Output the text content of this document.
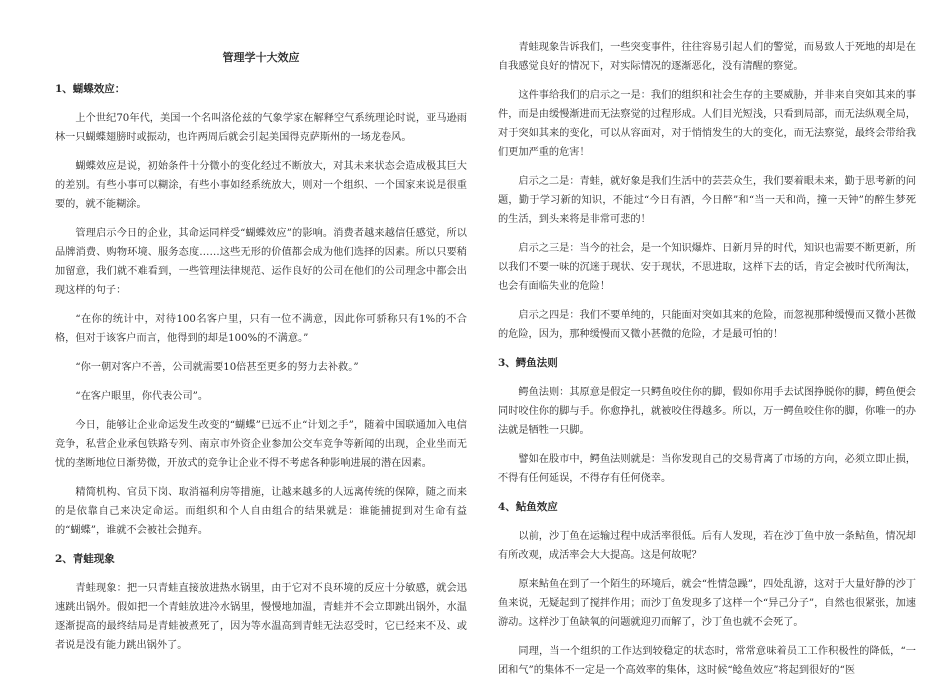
管理学十大效应
1、蝴蝶效应：

上个世纪70年代，美国一个名叫洛伦兹的气象学家在解释空气系统理论时说，亚马逊雨林一只蝴蝶翅膀时或振动，也许两周后就会引起美国得克萨斯州的一场龙卷风。

蝴蝶效应是说，初始条件十分微小的变化经过不断放大，对其未来状态会造成极其巨大的差别。有些小事可以糊涂，有些小事如经系统放大，则对一个组织、一个国家来说是很重要的，就不能糊涂。

管理启示今日的企业，其命运同样受“蝴蝶效应”的影响。消费者越来越信任感觉，所以品牌消费、购物环境、服务态度……这些无形的价值都会成为他们选择的因素。所以只要稍加留意，我们就不难看到，一些管理法律规范、运作良好的公司在他们的公司理念中都会出现这样的句子：

“在你的统计中，对待100名客户里，只有一位不满意，因此你可骄称只有1%的不合格，但对于该客户而言，他得到的却是100%的不满意。”

“你一朝对客户不善，公司就需要10倍甚至更多的努力去补救。”

“在客户眼里，你代表公司”。

今日，能够让企业命运发生改变的“蝴蝶”已远不止“计划之手”，随着中国联通加入电信竞争，私营企业承包铁路专列、南京市外资企业参加公交车竞争等新闻的出现，企业坐而无忧的垄断地位日渐势微，开放式的竞争让企业不得不考虑各种影响进展的潜在因素。

精简机构、官员下岗、取消福利房等措施，让越来越多的人远离传统的保障，随之而来的是依靠自己来决定命运。而组织和个人自由组合的结果就是：谁能捕捉到对生命有益的“蝴蝶”，谁就不会被社会抛弃。

2、青蛙现象

青蛙现象：把一只青蛙直接放进热水锅里，由于它对不良环境的反应十分敏感，就会迅速跳出锅外。假如把一个青蛙放进冷水锅里，慢慢地加温，青蛙并不会立即跳出锅外，水温逐渐提高的最终结局是青蛙被煮死了，因为等水温高到青蛙无法忍受时，它已经来不及、或者说是没有能力跳出锅外了。

青蛙现象告诉我们，一些突变事件，往往容易引起人们的警觉，而易致人于死地的却是在自我感觉良好的情况下，对实际情况的逐渐恶化，没有清醒的察觉。

这件事给我们的启示之一是：我们的组织和社会生存的主要威胁，并非来自突如其来的事件，而是由缓慢渐进而无法察觉的过程形成。人们目光短浅，只看到局部，而无法纵观全局，对于突如其来的变化，可以从容面对，对于悄悄发生的大的变化，而无法察觉，最终会带给我们更加严重的危害！

启示之二是：青蛙，就好象是我们生活中的芸芸众生，我们要着眼未来，勤于思考新的问题，勤于学习新的知识，不能过“今日有酒，今日醉”和“当一天和尚，撞一天钟”的醉生梦死的生活，到头来将是非常可悲的！

启示之三是：当今的社会，是一个知识爆炸、日新月异的时代，知识也需要不断更新，所以我们不要一味的沉迷于现状、安于现状，不思进取，这样下去的话，肯定会被时代所淘汰，也会有面临失业的危险！

启示之四是：我们不要单纯的，只能面对突如其来的危险，而忽视那种缓慢而又微小甚微的危险，因为，那种缓慢而又微小甚微的危险，才是最可怕的！

3、鳄鱼法则

鳄鱼法则：其原意是假定一只鳄鱼咬住你的脚，假如你用手去试图挣脱你的脚，鳄鱼便会同时咬住你的脚与手。你愈挣扎，就被咬住得越多。所以，万一鳄鱼咬住你的脚，你唯一的办法就是牺牲一只脚。

譬如在股市中，鳄鱼法则就是：当你发现自己的交易背离了市场的方向，必须立即止损，不得有任何延误，不得存有任何侥幸。

4、鲇鱼效应

以前，沙丁鱼在运输过程中成活率很低。后有人发现，若在沙丁鱼中放一条鲇鱼，情况却有所改观，成活率会大大提高。这是何故呢？

原来鲇鱼在到了一个陌生的环境后，就会“性情急躁”，四处乱游，这对于大量好静的沙丁鱼来说，无疑起到了搅拌作用；而沙丁鱼发现多了这样一个“异己分子”，自然也很紧张，加速游动。这样沙丁鱼缺氧的问题就迎刃而解了，沙丁鱼也就不会死了。

同理，当一个组织的工作达到较稳定的状态时，常常意味着员工工作积极性的降低，“一团和气”的集体不一定是一个高效率的集体，这时候“鲶鱼效应”将起到很好的“医
